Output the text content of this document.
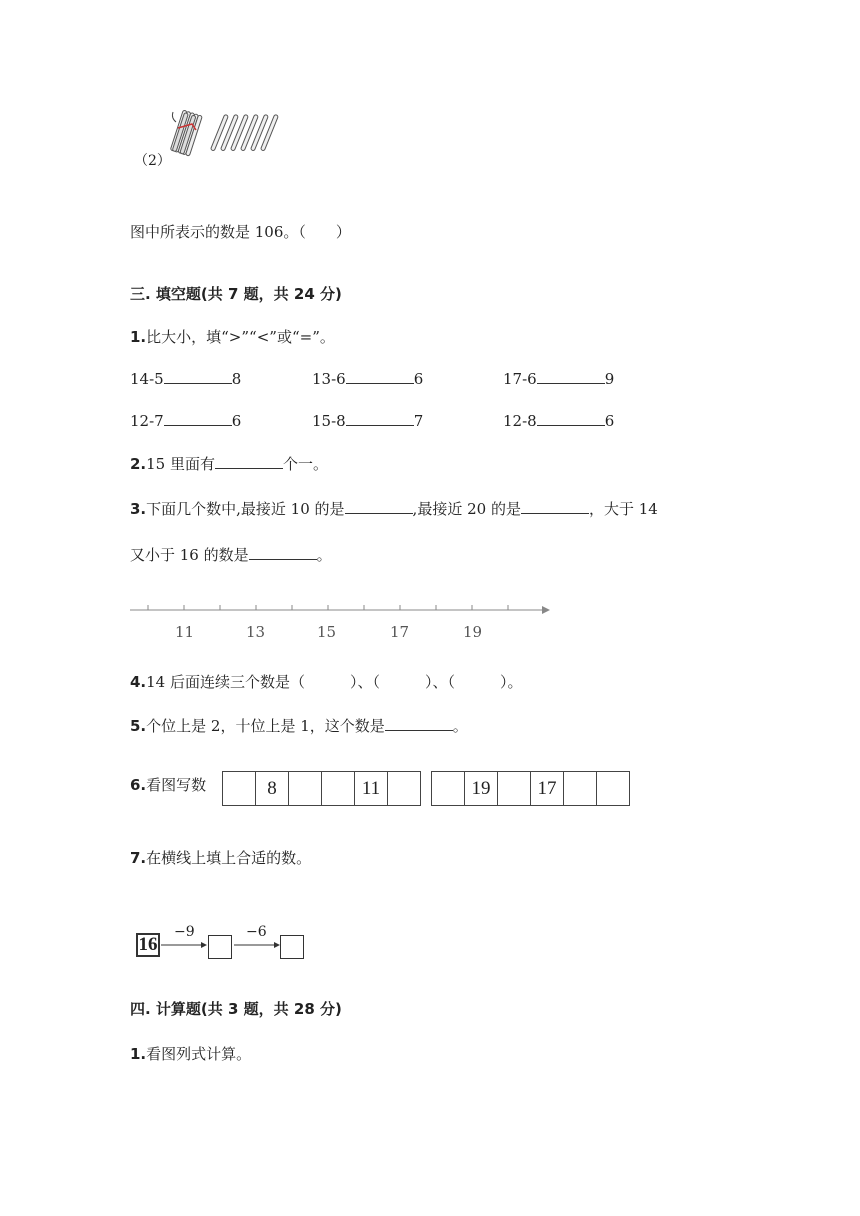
（2）
图中所表示的数是 106。（　　）
三. 填空题(共 7 题，共 24 分)
1.比大小，填“>”“<”或“=”。
14-5	8	13-6	6	17-6	9
12-7	6	15-8	7	12-8	6
2.15 里面有	个一。
3.下面几个数中,最接近 10 的是	,最接近 20 的是	，大于 14
又小于 16 的数是	。
11	13	15	17	19
4.14 后面连续三个数是（　　　）、（　　　）、（　　　）。
5.个位上是 2，十位上是 1，这个数是	。
6.看图写数	8	11	19	17
7.在横线上填上合适的数。
16
−9	−6
四. 计算题(共 3 题，共 28 分)
1.看图列式计算。
